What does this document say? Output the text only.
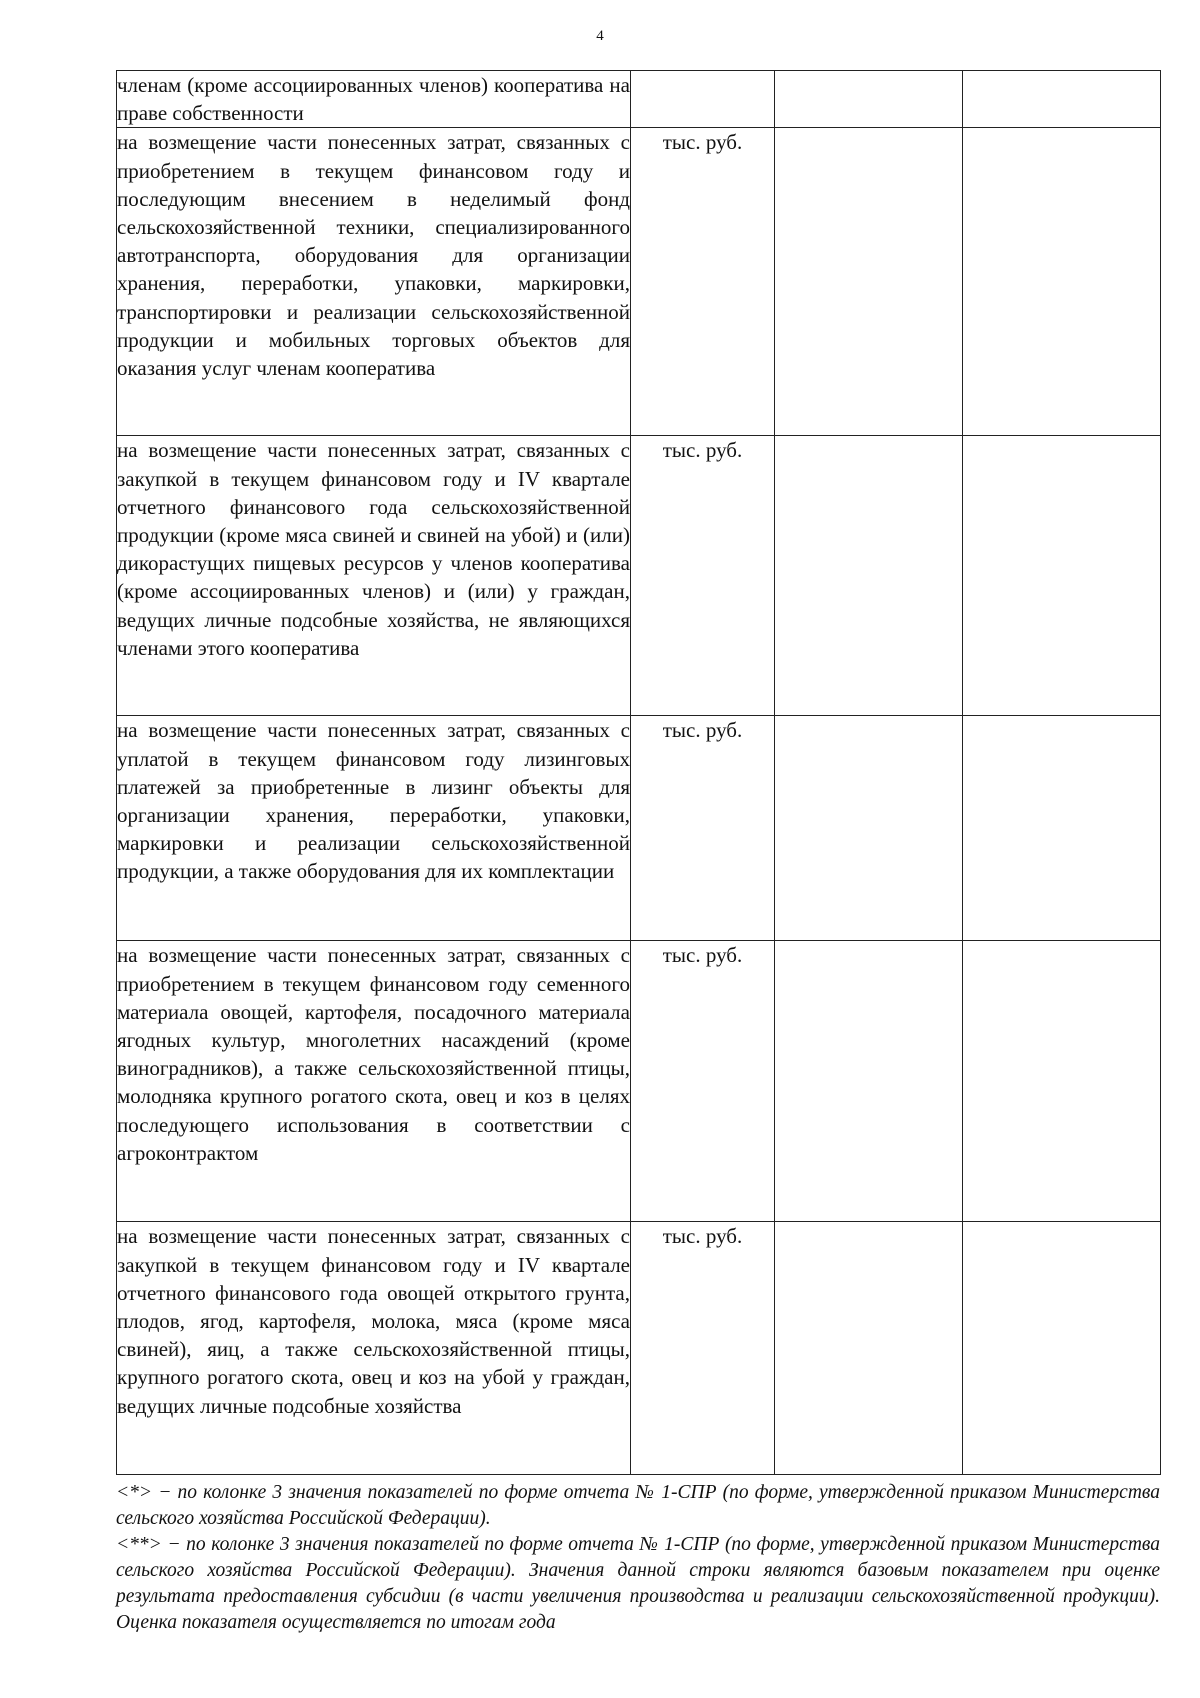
4
членам (кроме ассоциированных членов) кооператива на праве собственности			
на возмещение части понесенных затрат, связанных с приобретением в текущем финансовом году и последующим внесением в неделимый фонд сельскохозяйственной техники, специализированного автотранспорта, оборудования для организации хранения, переработки, упаковки, маркировки, транспортировки и реализации сельскохозяйственной продукции и мобильных торговых объектов для оказания услуг членам кооператива	тыс. руб.		
на возмещение части понесенных затрат, связанных с закупкой в текущем финансовом году и IV квартале отчетного финансового года сельскохозяйственной продукции (кроме мяса свиней и свиней на убой) и (или) дикорастущих пищевых ресурсов у членов кооператива (кроме ассоциированных членов) и (или) у граждан, ведущих личные подсобные хозяйства, не являющихся членами этого кооператива	тыс. руб.		
на возмещение части понесенных затрат, связанных с уплатой в текущем финансовом году лизинговых платежей за приобретенные в лизинг объекты для организации хранения, переработки, упаковки, маркировки и реализации сельскохозяйственной продукции, а также оборудования для их комплектации	тыс. руб.		
на возмещение части понесенных затрат, связанных с приобретением в текущем финансовом году семенного материала овощей, картофеля, посадочного материала ягодных культур, многолетних насаждений (кроме виноградников), а также сельскохозяйственной птицы, молодняка крупного рогатого скота, овец и коз в целях последующего использования в соответствии с агроконтрактом	тыс. руб.		
на возмещение части понесенных затрат, связанных с закупкой в текущем финансовом году и IV квартале отчетного финансового года овощей открытого грунта, плодов, ягод, картофеля, молока, мяса (кроме мяса свиней), яиц, а также сельскохозяйственной птицы, крупного рогатого скота, овец и коз на убой у граждан, ведущих личные подсобные хозяйства	тыс. руб.		

<*> − по колонке 3 значения показателей по форме отчета № 1-СПР (по форме, утвержденной приказом Министерства сельского хозяйства Российской Федерации).

<**> − по колонке 3 значения показателей по форме отчета № 1-СПР (по форме, утвержденной приказом Министерства сельского хозяйства Российской Федерации). Значения данной строки являются базовым показателем при оценке результата предоставления субсидии (в части увеличения производства и реализации сельскохозяйственной продукции). Оценка показателя осуществляется по итогам года
